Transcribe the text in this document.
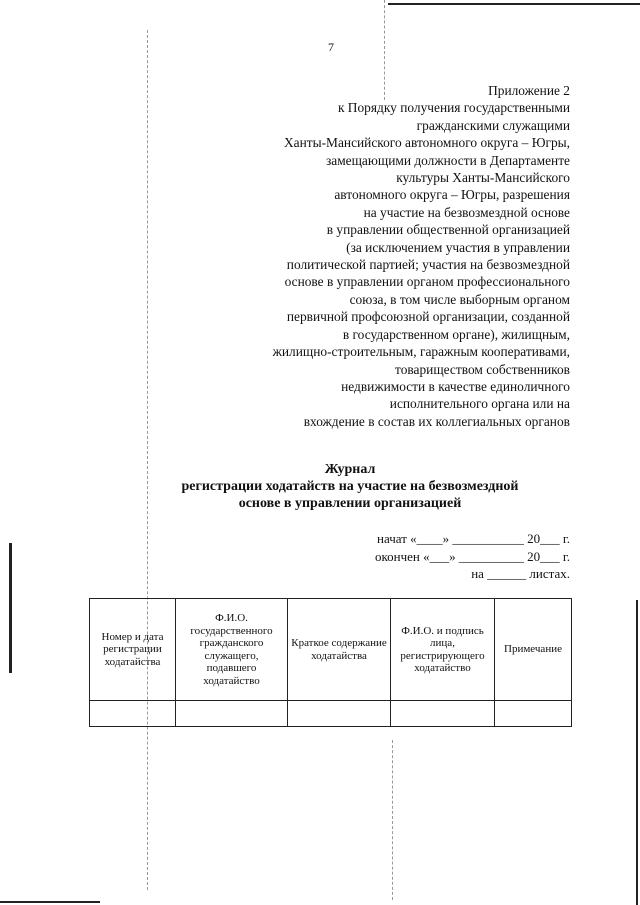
7
Приложение 2
к Порядку получения государственными
гражданскими служащими
Ханты-Мансийского автономного округа – Югры,
замещающими должности в Департаменте
культуры Ханты-Мансийского
автономного округа – Югры, разрешения
на участие на безвозмездной основе
в управлении общественной организацией
(за исключением участия в управлении
политической партией; участия на безвозмездной
основе в управлении органом профессионального
союза, в том числе выборным органом
первичной профсоюзной организации, созданной
в государственном органе), жилищным,
жилищно-строительным, гаражным кооперативами,
товариществом собственников
недвижимости в качестве единоличного
исполнительного органа или на
вхождение в состав их коллегиальных органов
Журнал
регистрации ходатайств на участие на безвозмездной
основе в управлении организацией
начат «____» ___________ 20___ г.
окончен «___» __________ 20___ г.
на ______ листах.
Номер и дата регистрации ходатайства	Ф.И.О. государственного гражданского служащего, подавшего ходатайство	Краткое содержание ходатайства	Ф.И.О. и подпись лица, регистрирующего ходатайство	Примечание
